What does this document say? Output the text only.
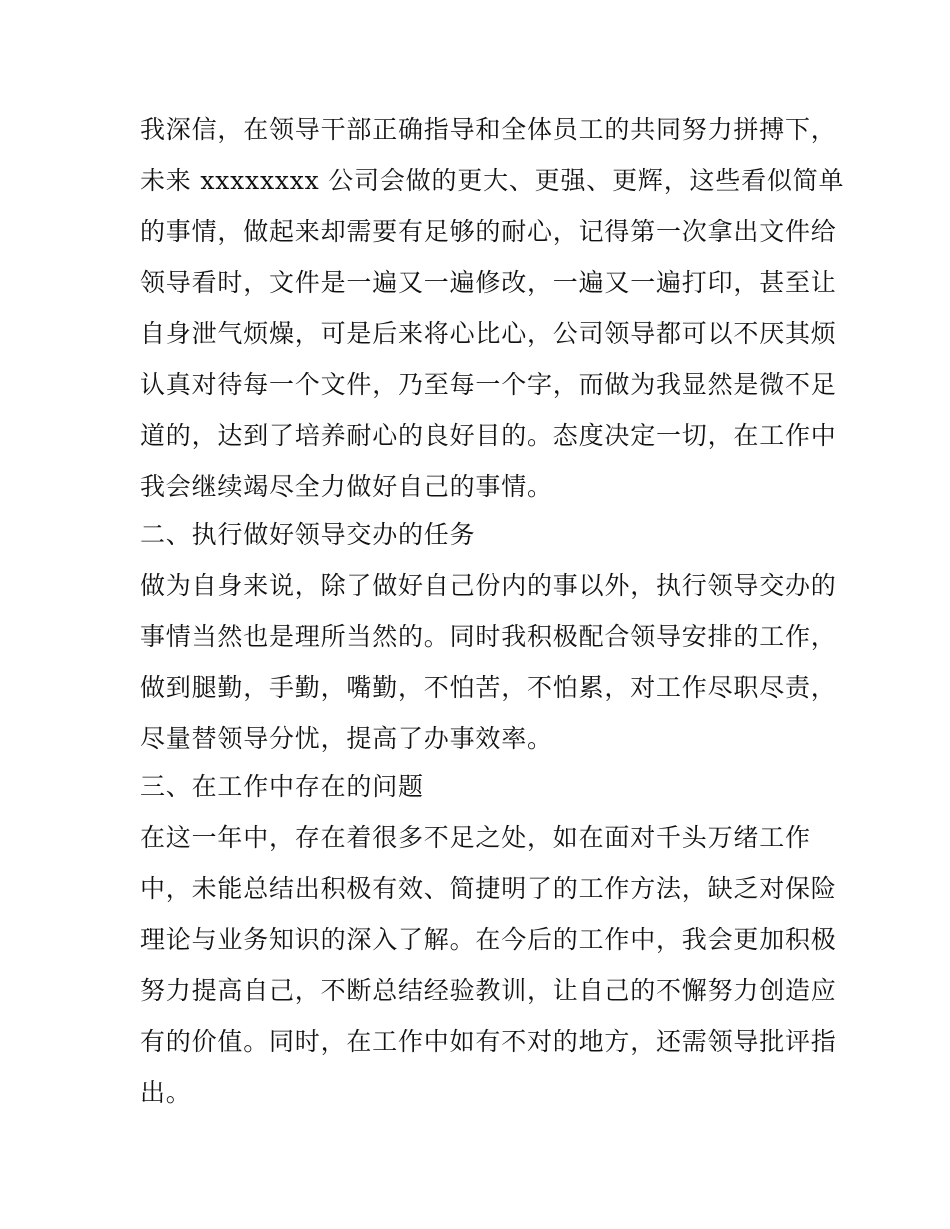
我深信，在领导干部正确指导和全体员工的共同努力拼搏下，
未来 xxxxxxxx 公司会做的更大、更强、更辉，这些看似简单
的事情，做起来却需要有足够的耐心，记得第一次拿出文件给
领导看时，文件是一遍又一遍修改，一遍又一遍打印，甚至让
自身泄气烦燥，可是后来将心比心，公司领导都可以不厌其烦
认真对待每一个文件，乃至每一个字，而做为我显然是微不足
道的，达到了培养耐心的良好目的。态度决定一切，在工作中
我会继续竭尽全力做好自己的事情。
二、执行做好领导交办的任务
做为自身来说，除了做好自己份内的事以外，执行领导交办的
事情当然也是理所当然的。同时我积极配合领导安排的工作，
做到腿勤，手勤，嘴勤，不怕苦，不怕累，对工作尽职尽责，
尽量替领导分忧，提高了办事效率。
三、在工作中存在的问题
在这一年中，存在着很多不足之处，如在面对千头万绪工作
中，未能总结出积极有效、简捷明了的工作方法，缺乏对保险
理论与业务知识的深入了解。在今后的工作中，我会更加积极
努力提高自己，不断总结经验教训，让自己的不懈努力创造应
有的价值。同时，在工作中如有不对的地方，还需领导批评指
出。
